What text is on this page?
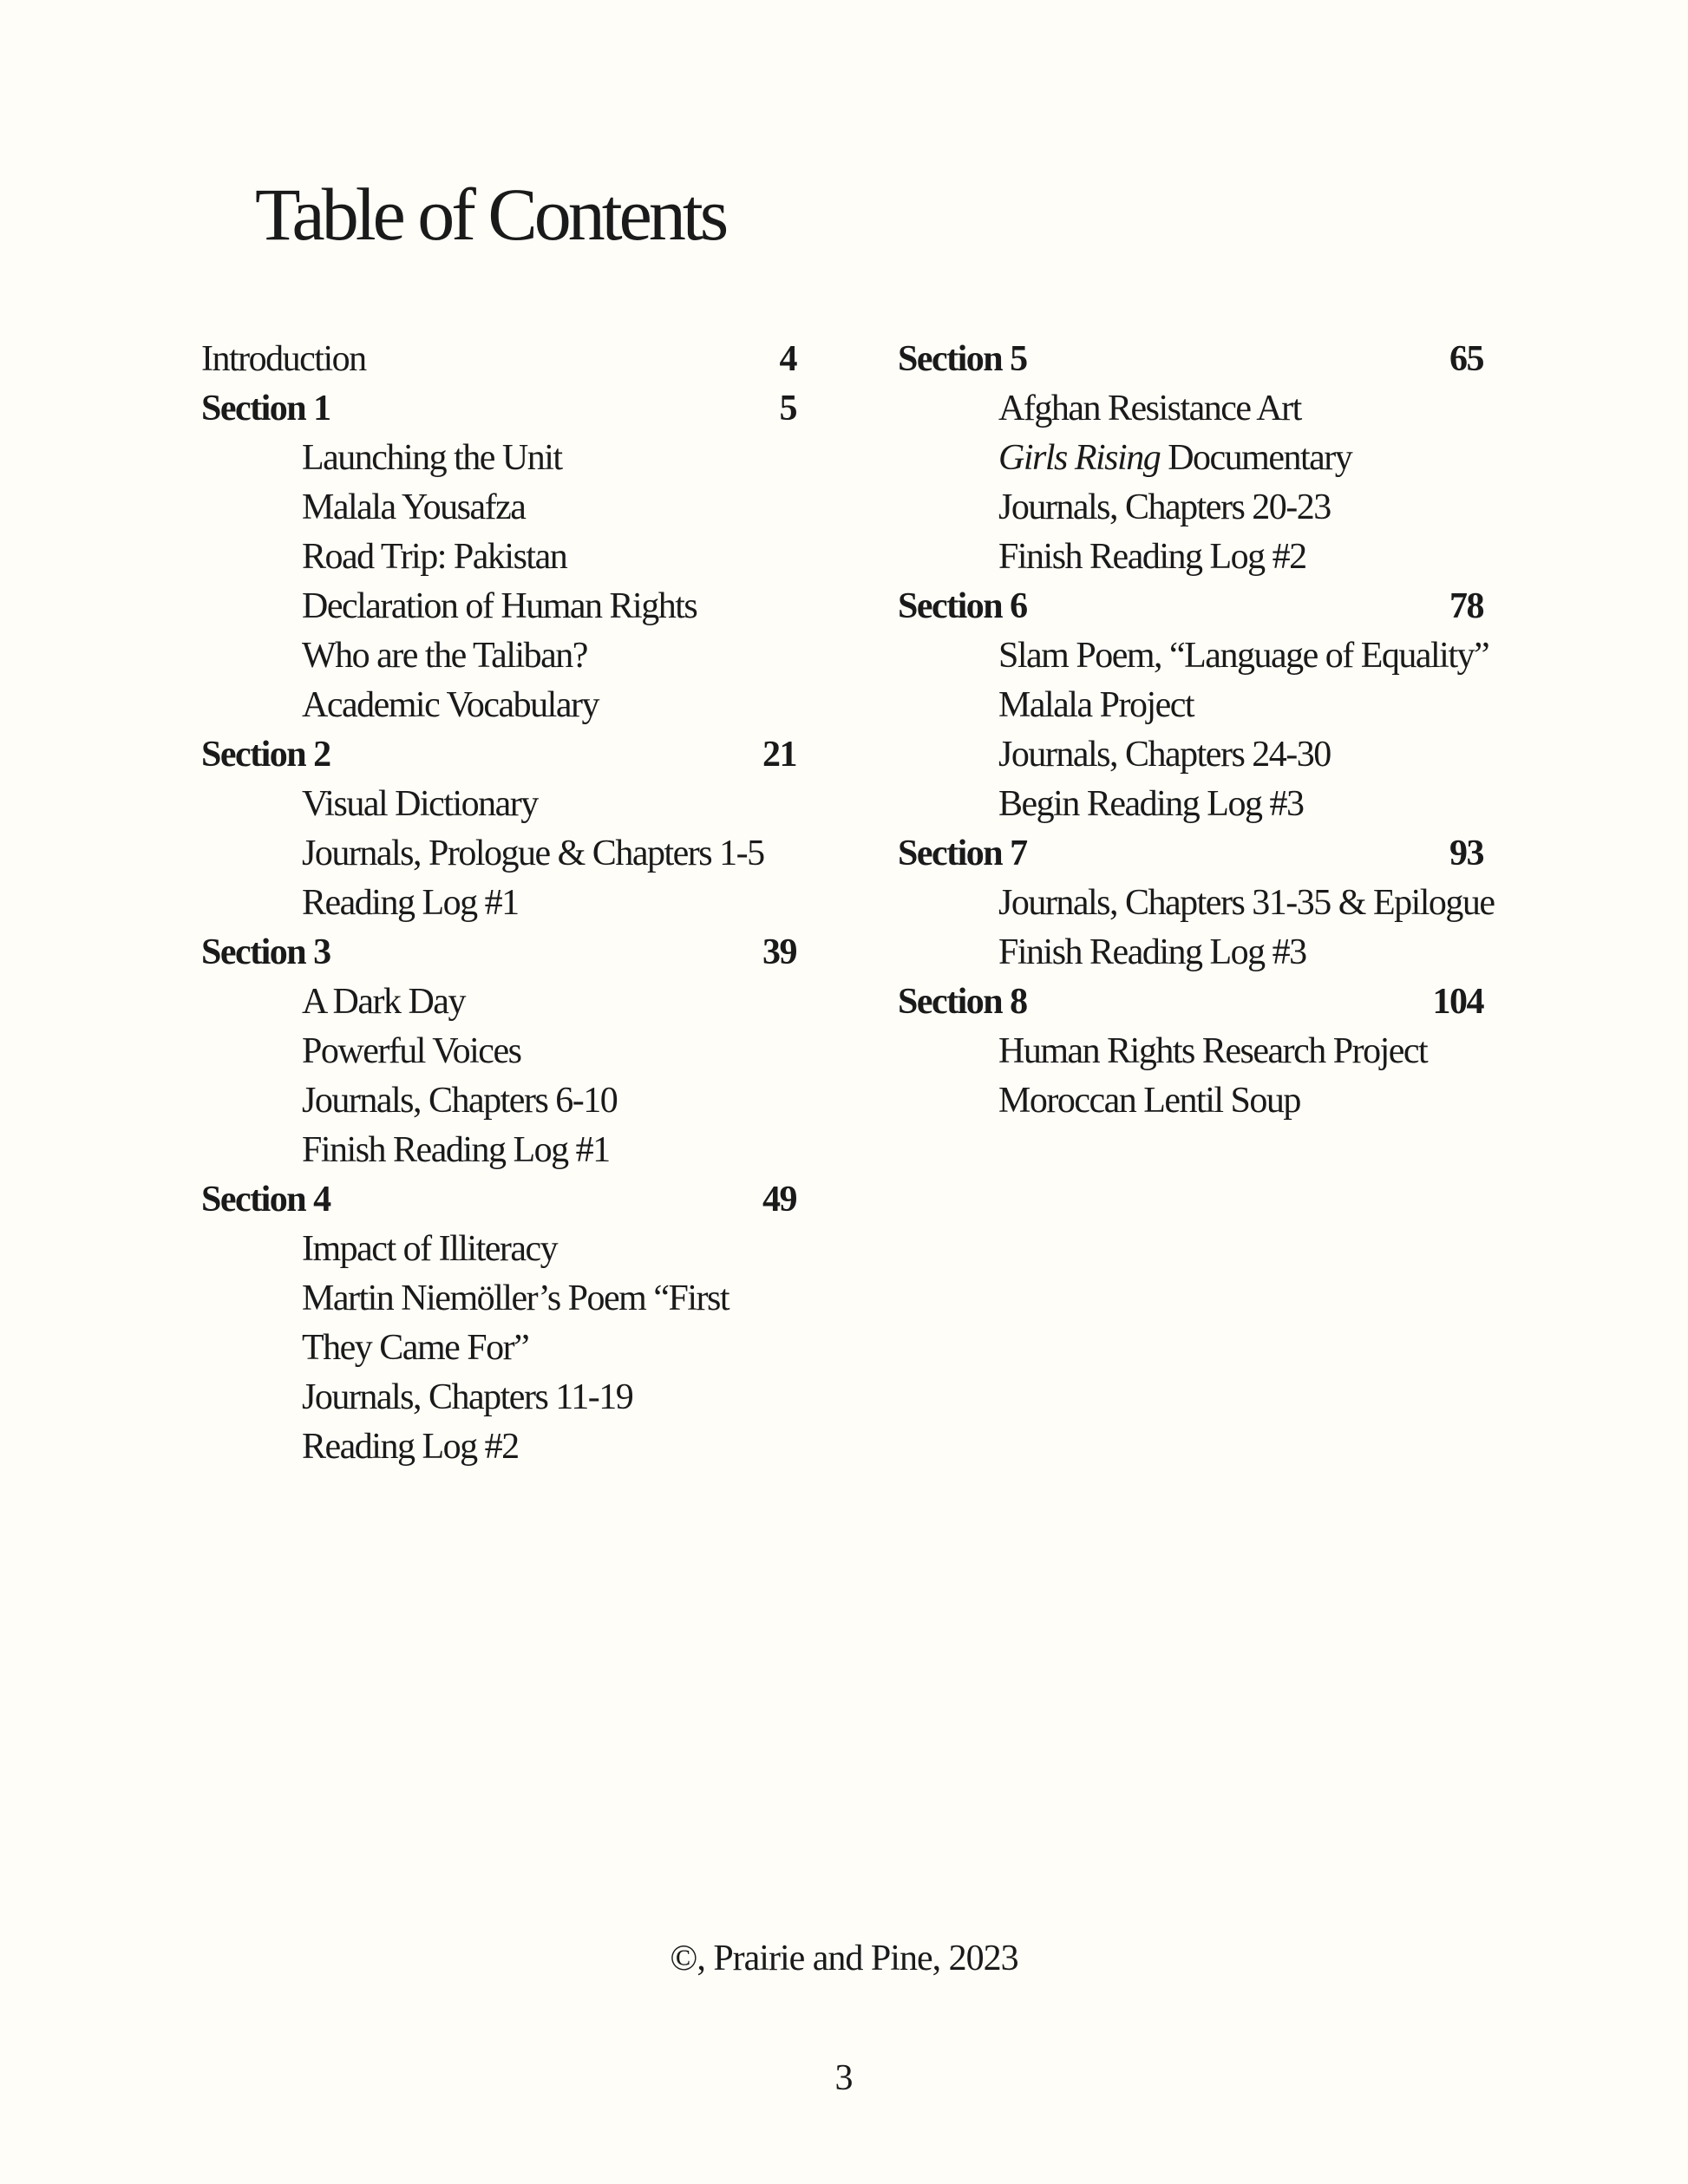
Table of Contents
Introduction	4
Section 1	5
Launching the Unit
Malala Yousafza
Road Trip: Pakistan
Declaration of Human Rights
Who are the Taliban?
Academic Vocabulary
Section 2	21
Visual Dictionary
Journals, Prologue & Chapters 1-5
Reading Log #1
Section 3	39
A Dark Day
Powerful Voices
Journals, Chapters 6-10
Finish Reading Log #1
Section 4	49
Impact of Illiteracy
Martin Niemöller’s Poem “First
They Came For”
Journals, Chapters 11-19
Reading Log #2
Section 5	65
Afghan Resistance Art
Girls Rising Documentary
Journals, Chapters 20-23
Finish Reading Log #2
Section 6	78
Slam Poem, “Language of Equality”
Malala Project
Journals, Chapters 24-30
Begin Reading Log #3
Section 7	93
Journals, Chapters 31-35 & Epilogue
Finish Reading Log #3
Section 8	104
Human Rights Research Project
Moroccan Lentil Soup
©, Prairie and Pine, 2023
3
